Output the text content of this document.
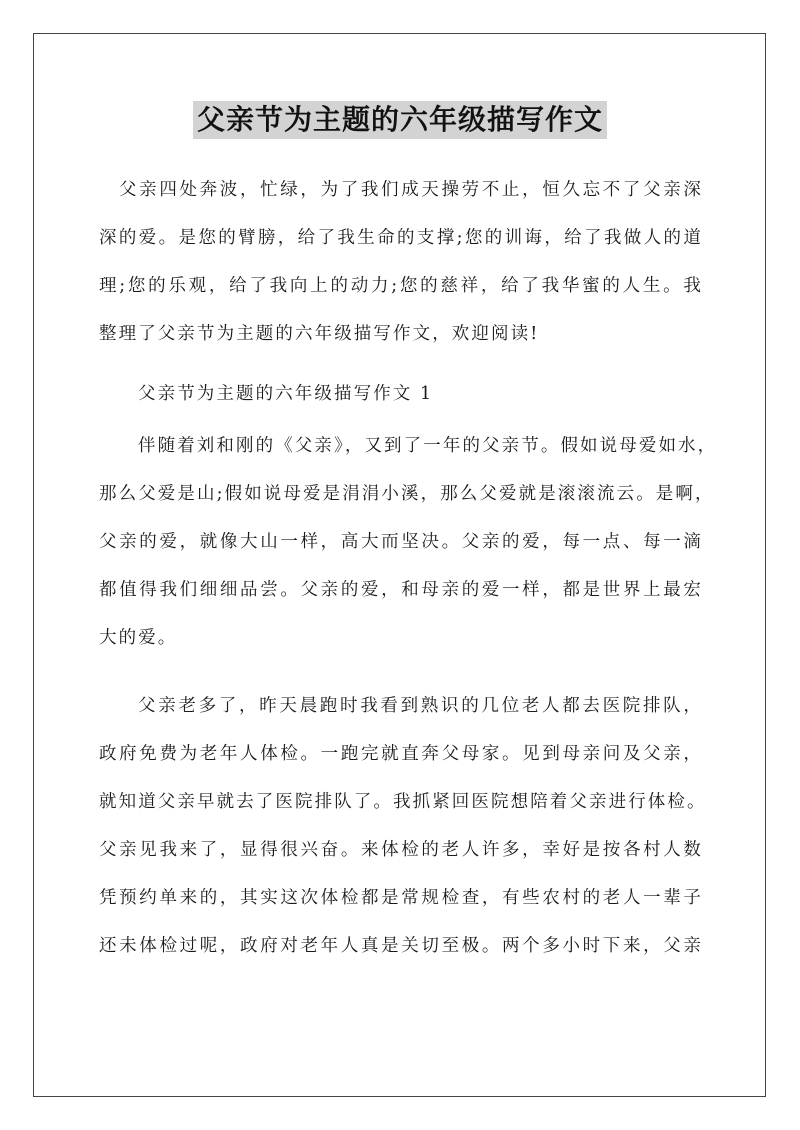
父亲节为主题的六年级描写作文
父亲四处奔波，忙绿，为了我们成天操劳不止，恒久忘不了父亲深
深的爱。是您的臂膀，给了我生命的支撑;您的训诲，给了我做人的道
理;您的乐观，给了我向上的动力;您的慈祥，给了我华蜜的人生。我
整理了父亲节为主题的六年级描写作文，欢迎阅读!
父亲节为主题的六年级描写作文 1
伴随着刘和刚的《父亲》，又到了一年的父亲节。假如说母爱如水，
那么父爱是山;假如说母爱是涓涓小溪，那么父爱就是滚滚流云。是啊，
父亲的爱，就像大山一样，高大而坚决。父亲的爱，每一点、每一滴
都值得我们细细品尝。父亲的爱，和母亲的爱一样，都是世界上最宏
大的爱。
父亲老多了，昨天晨跑时我看到熟识的几位老人都去医院排队，
政府免费为老年人体检。一跑完就直奔父母家。见到母亲问及父亲，
就知道父亲早就去了医院排队了。我抓紧回医院想陪着父亲进行体检。
父亲见我来了，显得很兴奋。来体检的老人许多，幸好是按各村人数
凭预约单来的，其实这次体检都是常规检查，有些农村的老人一辈子
还未体检过呢，政府对老年人真是关切至极。两个多小时下来，父亲
